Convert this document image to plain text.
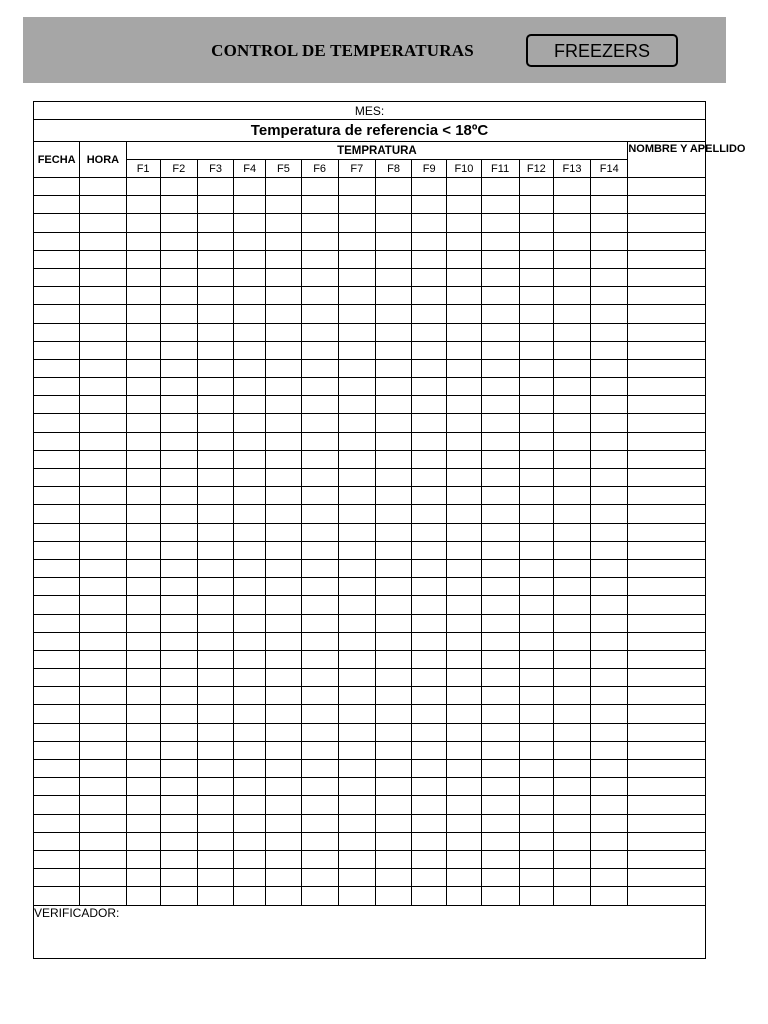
CONTROL DE TEMPERATURAS	FREEZERS
MES:																
Temperatura de referencia < 18ºC																
FECHA	HORA	TEMPRATURA														NOMBRE Y APELLIDO
		F1	F2	F3	F4	F5	F6	F7	F8	F9	F10	F11	F12	F13	F14	

VERIFICADOR:																
